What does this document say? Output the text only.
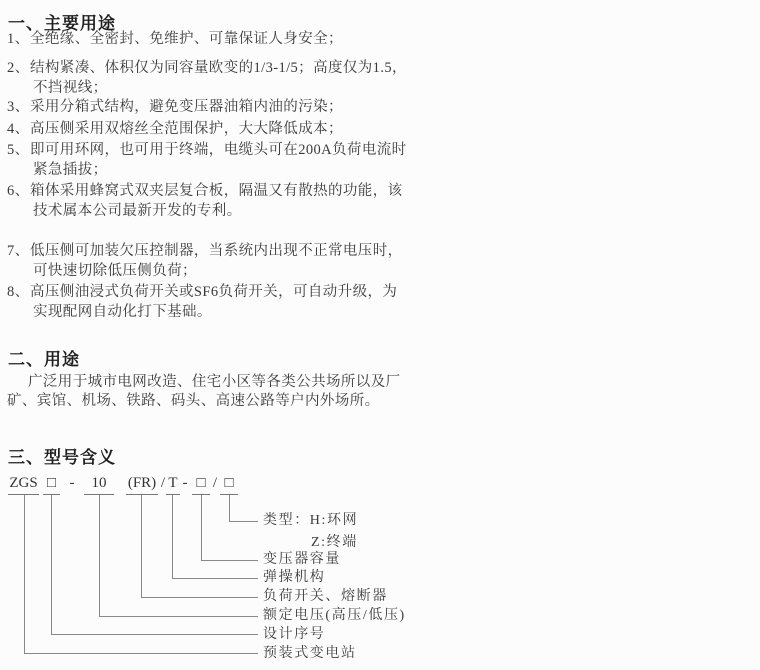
一、主要用途
1、全绝缘、全密封、免维护、可靠保证人身安全；
2、结构紧凑、体积仅为同容量欧变的1/3-1/5；高度仅为1.5，
不挡视线；
3、采用分箱式结构，避免变压器油箱内油的污染；
4、高压侧采用双熔丝全范围保护，大大降低成本；
5、即可用环网，也可用于终端，电缆头可在200A负荷电流时
紧急插拔；
6、箱体采用蜂窝式双夹层复合板，隔温又有散热的功能，该
技术属本公司最新开发的专利。
7、低压侧可加装欠压控制器，当系统内出现不正常电压时，
可快速切除低压侧负荷；
8、高压侧油浸式负荷开关或SF6负荷开关，可自动升级，为
实现配网自动化打下基础。
二、用途
广泛用于城市电网改造、住宅小区等各类公共场所以及厂
矿、宾馆、机场、铁路、码头、高速公路等户内外场所。
三、型号含义
ZGS □ -	10	(FR) / T - □ / □
类型：H:环网
Z:终端
变压器容量
弹操机构
负荷开关、熔断器
额定电压(高压/低压)
设计序号
预装式变电站
